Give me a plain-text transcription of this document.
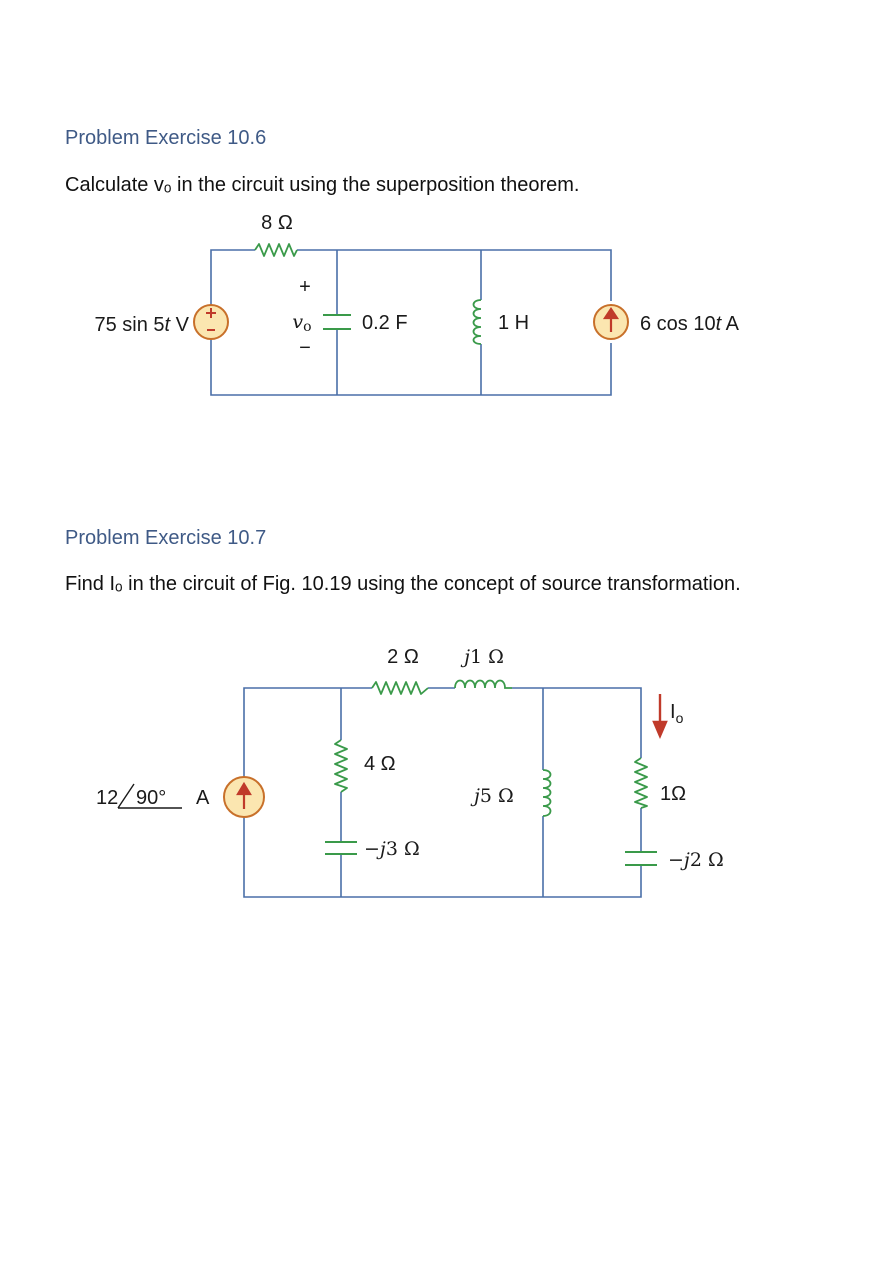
Problem Exercise 10.6
Calculate vₒ in the circuit using the superposition theorem.
8 Ω
75 sin 5t V
+
vo
−
0.2 F	1 H	6 cos 10t A
Problem Exercise 10.7
Find Iₒ in the circuit of Fig. 10.19 using the concept of source transformation.
2 Ω j1 Ω
$I_o$
12 90° A
4 Ω
−j3 Ω
j5 Ω	1Ω
−j2 Ω
